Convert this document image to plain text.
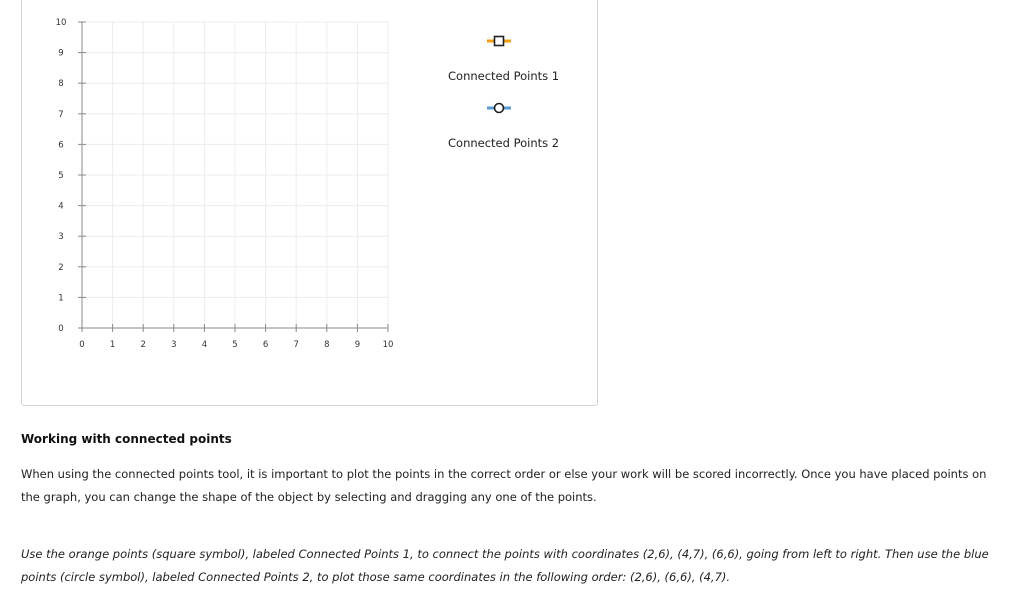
0	1	2	3	4	5	6	7	8	9	10
0
1
2
3
4
5
6
7
8
9
10
Connected Points 1
Connected Points 2
Working with connected points

When using the connected points tool, it is important to plot the points in the correct order or else your work will be scored incorrectly. Once you have placed points on the graph, you can change the shape of the object by selecting and dragging any one of the points.

Use the orange points (square symbol), labeled Connected Points 1, to connect the points with coordinates (2,6), (4,7), (6,6), going from left to right. Then use the blue points (circle symbol), labeled Connected Points 2, to plot those same coordinates in the following order: (2,6), (6,6), (4,7).
